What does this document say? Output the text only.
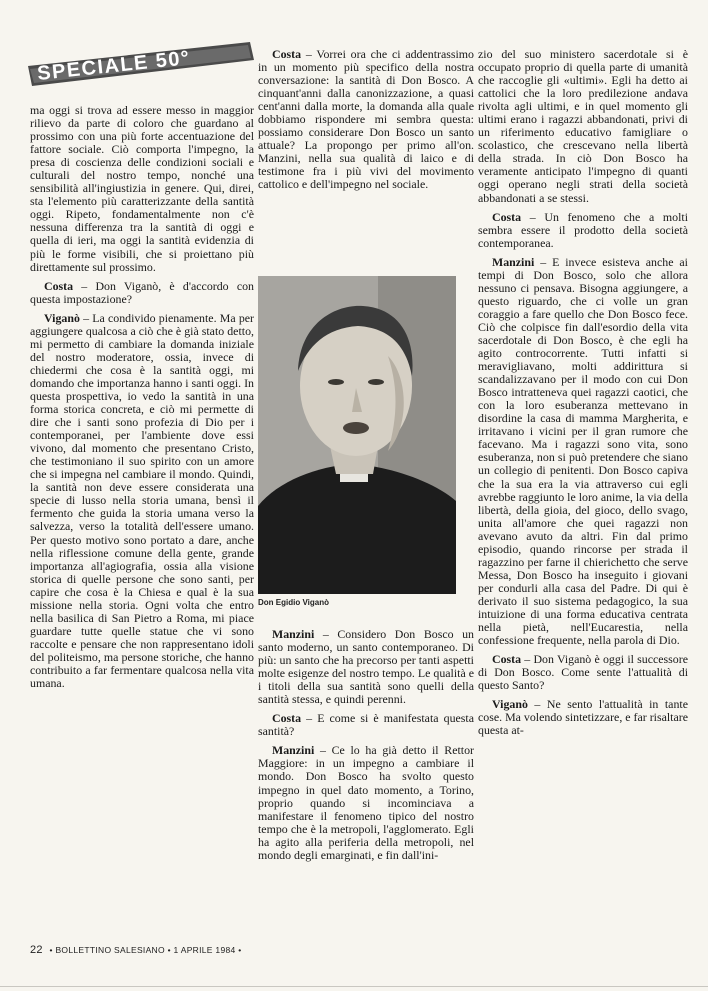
SPECIALE 50°

ma oggi si trova ad essere messo in maggior rilievo da parte di coloro che guardano al prossimo con una più forte accentuazione del fattore sociale. Ciò comporta l'impegno, la presa di coscienza delle condizioni sociali e culturali del nostro tempo, nonché una sensibilità all'ingiustizia in genere. Qui, direi, sta l'elemento più caratterizzante della santità oggi. Ripeto, fondamentalmente non c'è nessuna differenza tra la santità di oggi e quella di ieri, ma oggi la santità evidenzia di più le forme visibili, che si proiettano più direttamente sul prossimo.

Costa – Don Viganò, è d'accordo con questa impostazione?

Viganò – La condivido pienamente. Ma per aggiungere qualcosa a ciò che è già stato detto, mi permetto di cambiare la domanda iniziale del nostro moderatore, ossia, invece di chiedermi che cosa è la santità oggi, mi domando che importanza hanno i santi oggi. In questa prospettiva, io vedo la santità in una forma storica concreta, e ciò mi permette di dire che i santi sono profezia di Dio per i contemporanei, per l'ambiente dove essi vivono, dal momento che presentano Cristo, che testimoniano il suo spirito con un amore che si impegna nel cambiare il mondo. Quindi, la santità non deve essere considerata una specie di lusso nella storia umana, bensì il fermento che guida la storia umana verso la salvezza, verso la totalità dell'essere umano. Per questo motivo sono portato a dare, anche nella riflessione comune della gente, grande importanza all'agiografia, ossia alla visione storica di quelle persone che sono santi, per capire che cosa è la Chiesa e qual è la sua missione nella storia. Ogni volta che entro nella basilica di San Pietro a Roma, mi piace guardare tutte quelle statue che vi sono raccolte e pensare che non rappresentano idoli del politeismo, ma persone storiche, che hanno contribuito a far fermentare qualcosa nella vita umana.

Costa – Vorrei ora che ci addentrassimo in un momento più specifico della nostra conversazione: la santità di Don Bosco. A cinquant'anni dalla canonizzazione, a quasi cent'anni dalla morte, la domanda alla quale dobbiamo rispondere mi sembra questa: possiamo considerare Don Bosco un santo attuale? La propongo per primo all'on. Manzini, nella sua qualità di laico e di testimone fra i più vivi del movimento cattolico e dell'impegno nel sociale.

Don Egidio Viganò

Manzini – Considero Don Bosco un santo moderno, un santo contemporaneo. Di più: un santo che ha precorso per tanti aspetti molte esigenze del nostro tempo. Le qualità e i titoli della sua santità sono quelli della santità stessa, e quindi perenni.

Costa – E come si è manifestata questa santità?

Manzini – Ce lo ha già detto il Rettor Maggiore: in un impegno a cambiare il mondo. Don Bosco ha svolto questo impegno in quel dato momento, a Torino, proprio quando si incominciava a manifestare il fenomeno tipico del nostro tempo che è la metropoli, l'agglomerato. Egli ha agito alla periferia della metropoli, nel mondo degli emarginati, e fin dall'ini-

zio del suo ministero sacerdotale si è occupato proprio di quella parte di umanità che raccoglie gli «ultimi». Egli ha detto ai cattolici che la loro predilezione andava rivolta agli ultimi, e in quel momento gli ultimi erano i ragazzi abbandonati, privi di un riferimento educativo famigliare o scolastico, che crescevano nella libertà della strada. In ciò Don Bosco ha veramente anticipato l'impegno di quanti oggi operano negli strati della società abbandonati a se stessi.

Costa – Un fenomeno che a molti sembra essere il prodotto della società contemporanea.

Manzini – E invece esisteva anche ai tempi di Don Bosco, solo che allora nessuno ci pensava. Bisogna aggiungere, a questo riguardo, che ci volle un gran coraggio a fare quello che Don Bosco fece. Ciò che colpisce fin dall'esordio della vita sacerdotale di Don Bosco, è che egli ha agito controcorrente. Tutti infatti si meravigliavano, molti addirittura si scandalizzavano per il modo con cui Don Bosco intratteneva quei ragazzi caotici, che con la loro esuberanza mettevano in disordine la casa di mamma Margherita, e irritavano i vicini per il gran rumore che facevano. Ma i ragazzi sono vita, sono esuberanza, non si può pretendere che siano un collegio di penitenti. Don Bosco capiva che la sua era la via attraverso cui egli avrebbe raggiunto le loro anime, la via della libertà, della gioia, del gioco, dello svago, unita all'amore che quei ragazzi non avevano avuto da altri. Fin dal primo episodio, quando rincorse per strada il ragazzino per farne il chierichetto che serve Messa, Don Bosco ha inseguito i giovani per condurli alla casa del Padre. Di qui è derivato il suo sistema pedagogico, la sua intuizione di una forma educativa centrata nella pietà, nell'Eucarestia, nella confessione frequente, nella parola di Dio.

Costa – Don Viganò è oggi il successore di Don Bosco. Come sente l'attualità di questo Santo?

Viganò – Ne sento l'attualità in tante cose. Ma volendo sintetizzare, e far risaltare questa at-

22 • BOLLETTINO SALESIANO • 1 APRILE 1984 •
